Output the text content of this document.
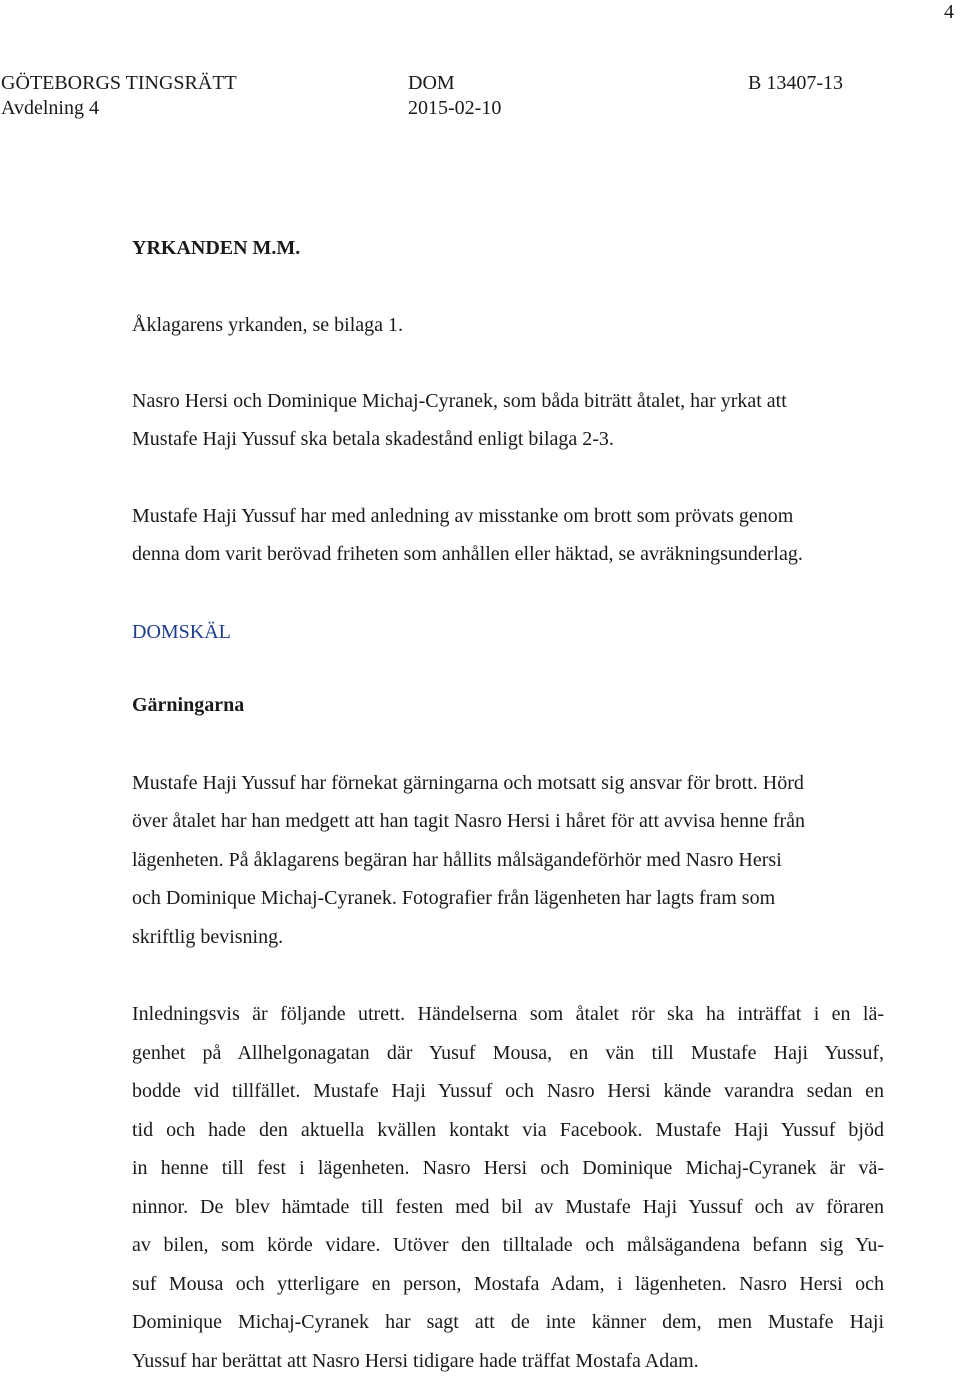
4
GÖTEBORGS TINGSRÄTT
Avdelning 4
DOM
2015-02-10
B 13407-13
YRKANDEN M.M.
Åklagarens yrkanden, se bilaga 1.
Nasro Hersi och Dominique Michaj-Cyranek, som båda biträtt åtalet, har yrkat att
Mustafe Haji Yussuf ska betala skadestånd enligt bilaga 2-3.
Mustafe Haji Yussuf har med anledning av misstanke om brott som prövats genom
denna dom varit berövad friheten som anhållen eller häktad, se avräkningsunderlag.
DOMSKÄL
Gärningarna
Mustafe Haji Yussuf har förnekat gärningarna och motsatt sig ansvar för brott. Hörd
över åtalet har han medgett att han tagit Nasro Hersi i håret för att avvisa henne från
lägenheten. På åklagarens begäran har hållits målsägandeförhör med Nasro Hersi
och Dominique Michaj-Cyranek. Fotografier från lägenheten har lagts fram som
skriftlig bevisning.
Inledningsvis är följande utrett. Händelserna som åtalet rör ska ha inträffat i en lä-
genhet på Allhelgonagatan där Yusuf Mousa, en vän till Mustafe Haji Yussuf,
bodde vid tillfället. Mustafe Haji Yussuf och Nasro Hersi kände varandra sedan en
tid och hade den aktuella kvällen kontakt via Facebook. Mustafe Haji Yussuf bjöd
in henne till fest i lägenheten. Nasro Hersi och Dominique Michaj-Cyranek är vä-
ninnor. De blev hämtade till festen med bil av Mustafe Haji Yussuf och av föraren
av bilen, som körde vidare. Utöver den tilltalade och målsägandena befann sig Yu-
suf Mousa och ytterligare en person, Mostafa Adam, i lägenheten. Nasro Hersi och
Dominique Michaj-Cyranek har sagt att de inte känner dem, men Mustafe Haji
Yussuf har berättat att Nasro Hersi tidigare hade träffat Mostafa Adam.
